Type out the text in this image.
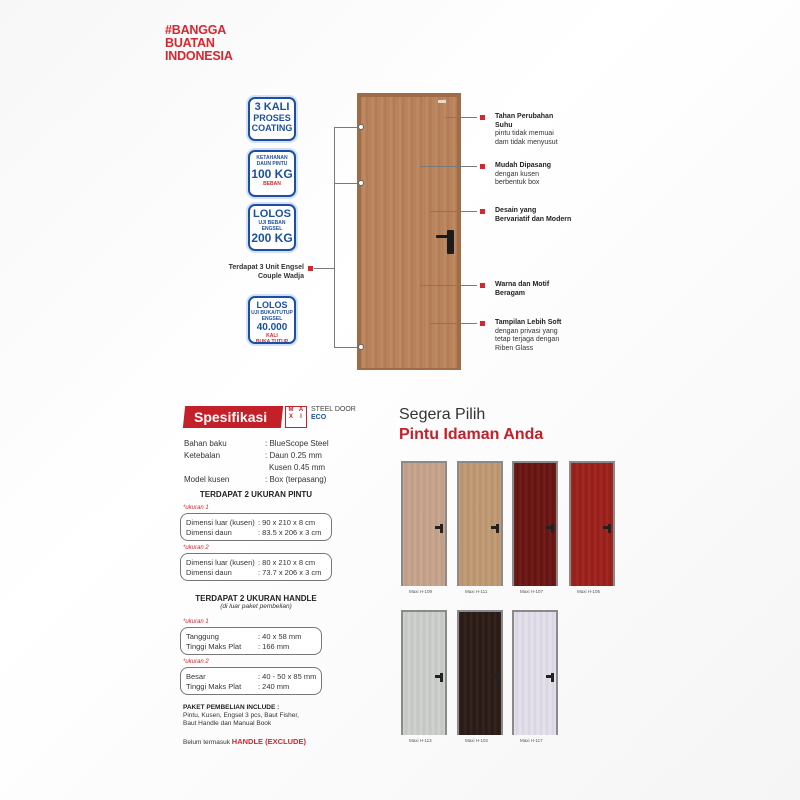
#BANGGA
BUATAN
INDONESIA
3 KALI
PROSES
COATING
KETAHANAN
DAUN PINTU
100 KG
BEBAN
LOLOS
UJI BEBAN
ENGSEL
200 KG
LOLOS
UJI BUKA/TUTUP
ENGSEL
40.000
KALI
BUKA TUTUP
Terdapat 3 Unit Engsel
Couple Wadja
Tahan Perubahan
Suhu
pintu tidak memuai
dam tidak menyusut
Mudah Dipasang
dengan kusen
berbentuk box
Desain yang
Bervariatif dan Modern
Warna dan Motif
Beragam
Tampilan Lebih Soft
dengan privasi yang
tetap terjaga dengan
Riben Glass
Spesifikasi	M A
X	I
STEEL DOOR
ECO
Bahan baku	: BlueScope Steel
Ketebalan	: Daun 0.25 mm
Kusen 0.45 mm
Model kusen	: Box (terpasang)
TERDAPAT 2 UKURAN PINTU
*ukuran 1
Dimensi luar (kusen) : 90 x 210 x 8 cm
Dimensi daun	: 83.5 x 206 x 3 cm
*ukuran 2
Dimensi luar (kusen) : 80 x 210 x 8 cm
Dimensi daun	: 73.7 x 206 x 3 cm
TERDAPAT 2 UKURAN HANDLE
(di luar paket pembelian)
*ukuran 1
Tanggung	: 40 x 58 mm
Tinggi Maks Plat : 166 mm
*ukuran 2
Besar	: 40 - 50 x 85 mm
Tinggi Maks Plat : 240 mm
PAKET PEMBELIAN INCLUDE :
Pintu, Kusen, Engsel 3 pcs, Baut Fisher,
Baut Handle dan Manual Book
Belum termasuk HANDLE (EXCLUDE)
Segera Pilih
Pintu Idaman Anda
Maxi H-109	Maxi H-111	Maxi H-107	Maxi H-105
Maxi H-113	Maxi H-102	Maxi H-117
